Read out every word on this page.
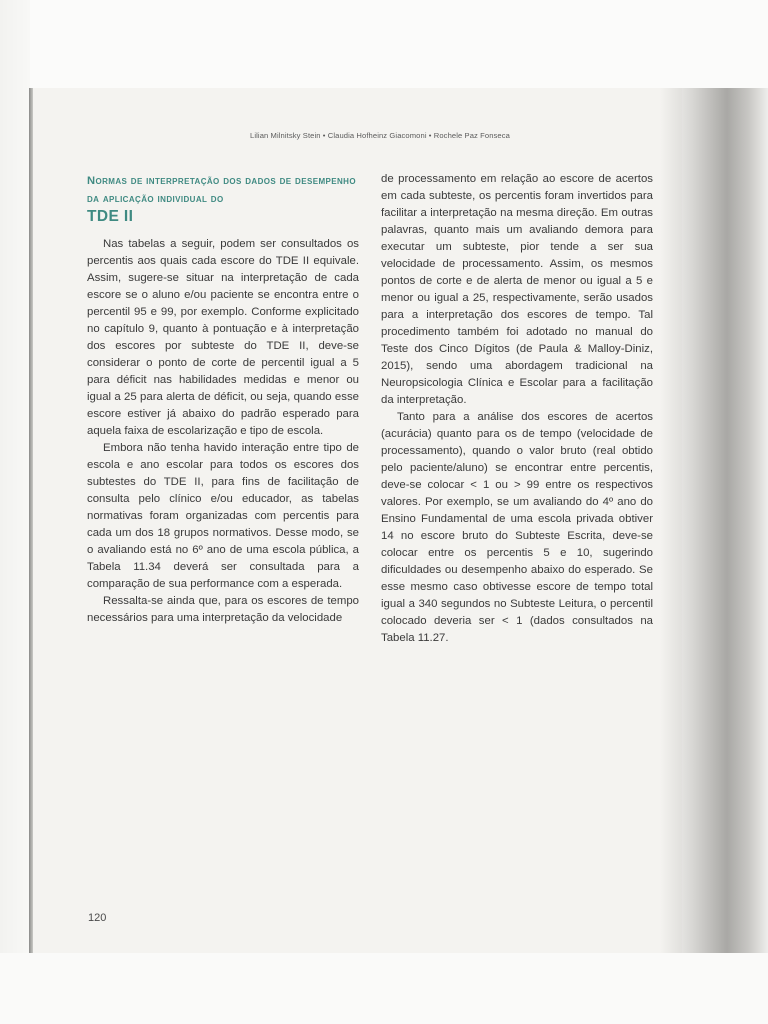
Lilian Milnitsky Stein • Claudia Hofheinz Giacomoni • Rochele Paz Fonseca
Normas de interpretação dos dados de desempenho da aplicação individual do
TDE II

Nas tabelas a seguir, podem ser consultados os percentis aos quais cada escore do TDE II equivale. Assim, sugere-se situar na interpretação de cada escore se o aluno e/ou paciente se encontra entre o percentil 95 e 99, por exemplo. Conforme explicitado no capítulo 9, quanto à pontuação e à interpretação dos escores por subteste do TDE II, deve-se considerar o ponto de corte de percentil igual a 5 para déficit nas habilidades medidas e menor ou igual a 25 para alerta de déficit, ou seja, quando esse escore estiver já abaixo do padrão esperado para aquela faixa de escolarização e tipo de escola.

Embora não tenha havido interação entre tipo de escola e ano escolar para todos os escores dos subtestes do TDE II, para fins de facilitação de consulta pelo clínico e/ou educador, as tabelas normativas foram organizadas com percentis para cada um dos 18 grupos normativos. Desse modo, se o avaliando está no 6º ano de uma escola pública, a Tabela 11.34 deverá ser consultada para a comparação de sua performance com a esperada.

Ressalta-se ainda que, para os escores de tempo necessários para uma interpretação da velocidade

de processamento em relação ao escore de acertos em cada subteste, os percentis foram invertidos para facilitar a interpretação na mesma direção. Em outras palavras, quanto mais um avaliando demora para executar um subteste, pior tende a ser sua velocidade de processamento. Assim, os mesmos pontos de corte e de alerta de menor ou igual a 5 e menor ou igual a 25, respectivamente, serão usados para a interpretação dos escores de tempo. Tal procedimento também foi adotado no manual do Teste dos Cinco Dígitos (de Paula & Malloy-Diniz, 2015), sendo uma abordagem tradicional na Neuropsicologia Clínica e Escolar para a facilitação da interpretação.

Tanto para a análise dos escores de acertos (acurácia) quanto para os de tempo (velocidade de processamento), quando o valor bruto (real obtido pelo paciente/aluno) se encontrar entre percentis, deve-se colocar < 1 ou > 99 entre os respectivos valores. Por exemplo, se um avaliando do 4º ano do Ensino Fundamental de uma escola privada obtiver 14 no escore bruto do Subteste Escrita, deve-se colocar entre os percentis 5 e 10, sugerindo dificuldades ou desempenho abaixo do esperado. Se esse mesmo caso obtivesse escore de tempo total igual a 340 segundos no Subteste Leitura, o percentil colocado deveria ser < 1 (dados consultados na Tabela 11.27.

120
